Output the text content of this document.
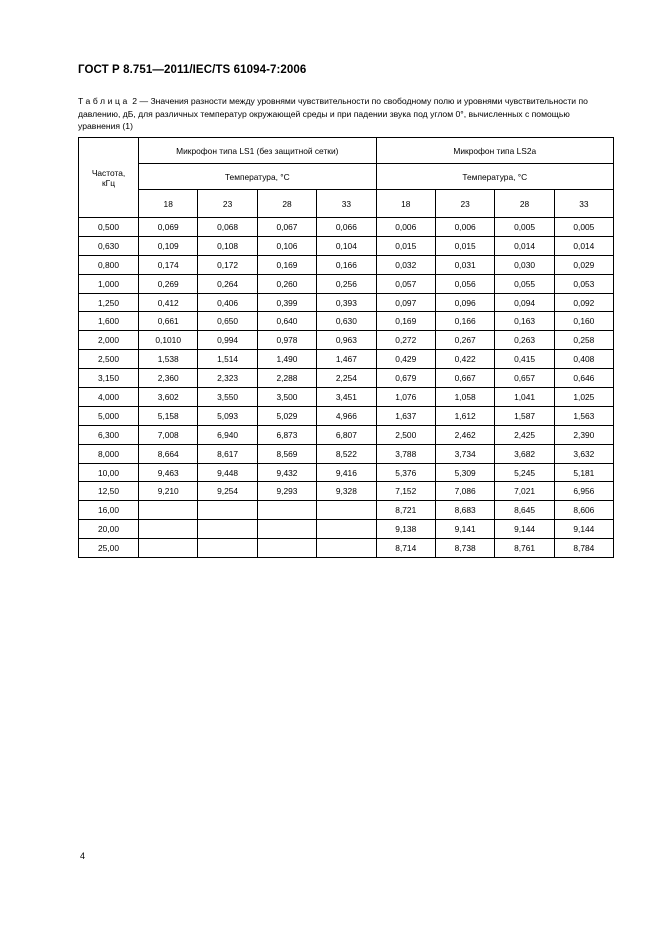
ГОСТ Р 8.751—2011/IEC/TS 61094-7:2006
Таблица 2 — Значения разности между уровнями чувствительности по свободному полю и уровнями чувствительности по давлению, дБ, для различных температур окружающей среды и при падении звука под углом 0°, вычисленных с помощью уравнения (1)
Частота, кГц	Микрофон типа LS1 (без защитной сетки)				Микрофон типа LS2a			
	Температура, °С				Температура, °С			
	18	23	28	33	18	23	28	33
0,500	0,069	0,068	0,067	0,066	0,006	0,006	0,005	0,005
0,630	0,109	0,108	0,106	0,104	0,015	0,015	0,014	0,014
0,800	0,174	0,172	0,169	0,166	0,032	0,031	0,030	0,029
1,000	0,269	0,264	0,260	0,256	0,057	0,056	0,055	0,053
1,250	0,412	0,406	0,399	0,393	0,097	0,096	0,094	0,092
1,600	0,661	0,650	0,640	0,630	0,169	0,166	0,163	0,160
2,000	0,1010	0,994	0,978	0,963	0,272	0,267	0,263	0,258
2,500	1,538	1,514	1,490	1,467	0,429	0,422	0,415	0,408
3,150	2,360	2,323	2,288	2,254	0,679	0,667	0,657	0,646
4,000	3,602	3,550	3,500	3,451	1,076	1,058	1,041	1,025
5,000	5,158	5,093	5,029	4,966	1,637	1,612	1,587	1,563
6,300	7,008	6,940	6,873	6,807	2,500	2,462	2,425	2,390
8,000	8,664	8,617	8,569	8,522	3,788	3,734	3,682	3,632
10,00	9,463	9,448	9,432	9,416	5,376	5,309	5,245	5,181
12,50	9,210	9,254	9,293	9,328	7,152	7,086	7,021	6,956
16,00					8,721	8,683	8,645	8,606
20,00					9,138	9,141	9,144	9,144
25,00					8,714	8,738	8,761	8,784
4
